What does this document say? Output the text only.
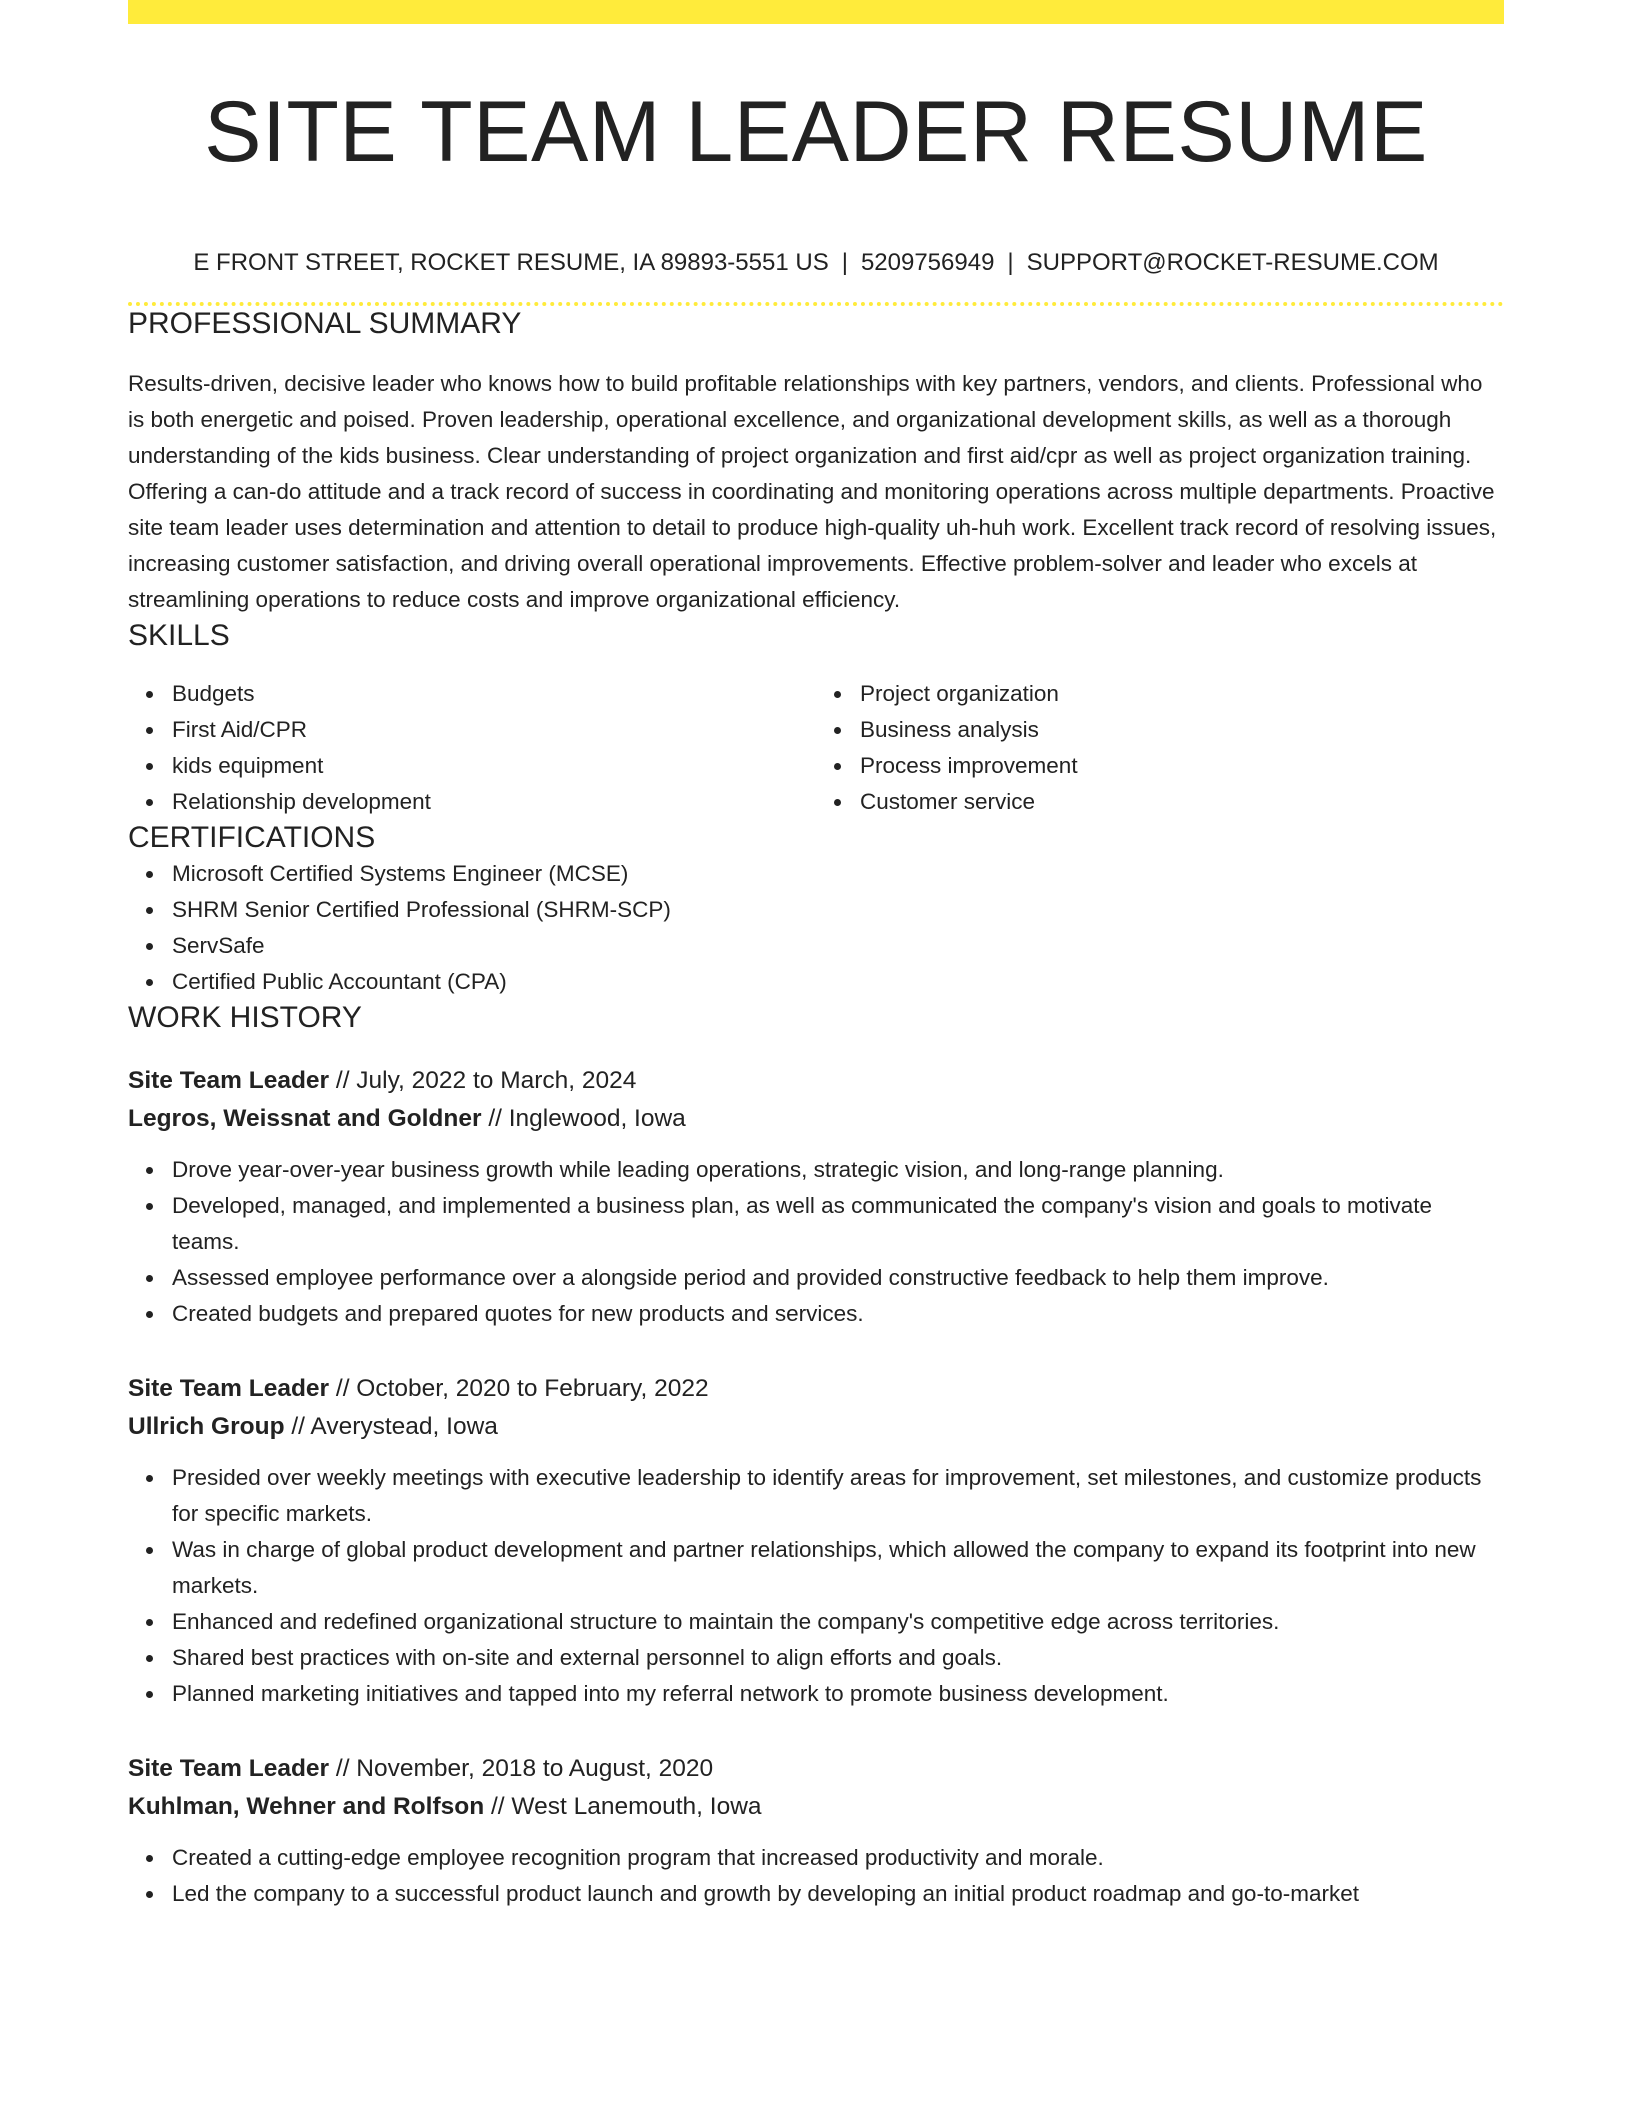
SITE TEAM LEADER RESUME
E FRONT STREET, ROCKET RESUME, IA 89893-5551 US | 5209756949 | SUPPORT@ROCKET-RESUME.COM
PROFESSIONAL SUMMARY

Results-driven, decisive leader who knows how to build profitable relationships with key partners, vendors, and clients. Professional who is both energetic and poised. Proven leadership, operational excellence, and organizational development skills, as well as a thorough understanding of the kids business. Clear understanding of project organization and first aid/cpr as well as project organization training. Offering a can-do attitude and a track record of success in coordinating and monitoring operations across multiple departments. Proactive site team leader uses determination and attention to detail to produce high-quality uh-huh work. Excellent track record of resolving issues, increasing customer satisfaction, and driving overall operational improvements. Effective problem-solver and leader who excels at streamlining operations to reduce costs and improve organizational efficiency.

SKILLS
Budgets
First Aid/CPR
kids equipment
Relationship development
Project organization
Business analysis
Process improvement
Customer service
CERTIFICATIONS
Microsoft Certified Systems Engineer (MCSE)
SHRM Senior Certified Professional (SHRM-SCP)
ServSafe
Certified Public Accountant (CPA)
WORK HISTORY
Site Team Leader // July, 2022 to March, 2024
Legros, Weissnat and Goldner // Inglewood, Iowa
Drove year-over-year business growth while leading operations, strategic vision, and long-range planning.
Developed, managed, and implemented a business plan, as well as communicated the company's vision and goals to motivate teams.
Assessed employee performance over a alongside period and provided constructive feedback to help them improve.
Created budgets and prepared quotes for new products and services.
Site Team Leader // October, 2020 to February, 2022
Ullrich Group // Averystead, Iowa
Presided over weekly meetings with executive leadership to identify areas for improvement, set milestones, and customize products for specific markets.
Was in charge of global product development and partner relationships, which allowed the company to expand its footprint into new markets.
Enhanced and redefined organizational structure to maintain the company's competitive edge across territories.
Shared best practices with on-site and external personnel to align efforts and goals.
Planned marketing initiatives and tapped into my referral network to promote business development.
Site Team Leader // November, 2018 to August, 2020
Kuhlman, Wehner and Rolfson // West Lanemouth, Iowa
Created a cutting-edge employee recognition program that increased productivity and morale.
Led the company to a successful product launch and growth by developing an initial product roadmap and go-to-market
